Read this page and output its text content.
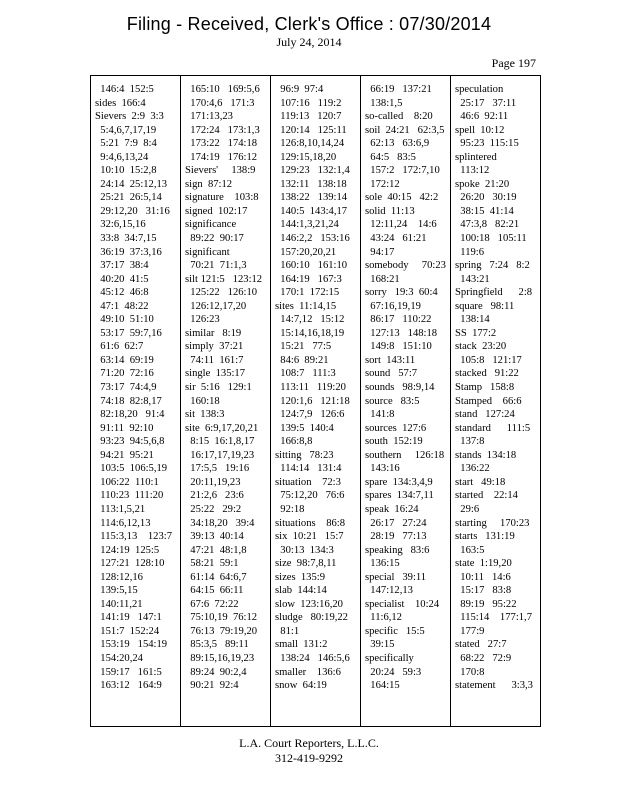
Filing - Received, Clerk's Office : 07/30/2014
July 24, 2014
Page 197
146:4  152:5
sides  166:4
Sievers  2:9  3:3
5:4,6,7,17,19
5:21  7:9  8:4
9:4,6,13,24
10:10  15:2,8
24:14  25:12,13
25:21  26:5,14
29:12,20   31:16
32:6,15,16
33:8  34:7,15
36:19  37:3,16
37:17  38:4
40:20  41:5
45:12  46:8
47:1  48:22
49:10  51:10
53:17  59:7,16
61:6  62:7
63:14  69:19
71:20  72:16
73:17  74:4,9
74:18  82:8,17
82:18,20   91:4
91:11  92:10
93:23  94:5,6,8
94:21  95:21
103:5  106:5,19
106:22  110:1
110:23  111:20
113:1,5,21
114:6,12,13
115:3,13    123:7
124:19  125:5
127:21  128:10
128:12,16
139:5,15
140:11,21
141:19   147:1
151:7  152:24
153:19   154:19
154:20,24
159:17   161:5
163:12   164:9
165:10   169:5,6
170:4,6   171:3
171:13,23
172:24   173:1,3
173:22   174:18
174:19   176:12
Sievers'     138:9
sign  87:12
signature    103:8
signed  102:17
significance
89:22  90:17
significant
70:21  71:1,3
silt 121:5   123:12
125:22   126:10
126:12,17,20
126:23
similar   8:19
simply  37:21
74:11  161:7
single  135:17
sir  5:16   129:1
160:18
sit  138:3
site  6:9,17,20,21
8:15  16:1,8,17
16:17,17,19,23
17:5,5   19:16
20:11,19,23
21:2,6   23:6
25:22   29:2
34:18,20   39:4
39:13  40:14
47:21  48:1,8
58:21  59:1
61:14  64:6,7
64:15  66:11
67:6  72:22
75:10,19  76:12
76:13  79:19,20
85:3,5   89:11
89:15,16,19,23
89:24  90:2,4
90:21  92:4
96:9  97:4
107:16   119:2
119:13   120:7
120:14   125:11
126:8,10,14,24
129:15,18,20
129:23   132:1,4
132:11   138:18
138:22   139:14
140:5  143:4,17
144:1,3,21,24
146:2,2   153:16
157:20,20,21
160:10   161:10
164:19   167:3
170:1  172:15
sites  11:14,15
14:7,12   15:12
15:14,16,18,19
15:21   77:5
84:6  89:21
108:7   111:3
113:11   119:20
120:1,6   121:18
124:7,9   126:6
139:5  140:4
166:8,8
sitting   78:23
114:14   131:4
situation    72:3
75:12,20   76:6
92:18
situations    86:8
six  10:21   15:7
30:13  134:3
size  98:7,8,11
sizes  135:9
slab  144:14
slow  123:16,20
sludge   80:19,22
81:1
small  131:2
138:24   146:5,6
smaller    136:6
snow  64:19
66:19   137:21
138:1,5
so-called    8:20
soil  24:21   62:3,5
62:13   63:6,9
64:5   83:5
157:2   172:7,10
172:12
sole  40:15   42:2
solid  11:13
12:11,24    14:6
43:24   61:21
94:17
somebody     70:23
168:21
sorry   19:3  60:4
67:16,19,19
86:17   110:22
127:13   148:18
149:8   151:10
sort  143:11
sound   57:7
sounds   98:9,14
source   83:5
141:8
sources  127:6
south  152:19
southern     126:18
143:16
spare  134:3,4,9
spares  134:7,11
speak  16:24
26:17   27:24
28:19   77:13
speaking   83:6
136:15
special   39:11
147:12,13
specialist    10:24
11:6,12
specific   15:5
39:15
specifically
20:24   59:3
164:15
speculation
25:17   37:11
46:6  92:11
spell  10:12
95:23  115:15
splintered
113:12
spoke  21:20
26:20   30:19
38:15  41:14
47:3,8   82:21
100:18   105:11
119:6
spring   7:24   8:2
143:21
Springfield      2:8
square   98:11
138:14
SS  177:2
stack  23:20
105:8   121:17
stacked   91:22
Stamp   158:8
Stamped    66:6
stand   127:24
standard      111:5
137:8
stands  134:18
136:22
start   49:18
started    22:14
29:6
starting     170:23
starts   131:19
163:5
state  1:19,20
10:11   14:6
15:17   83:8
89:19   95:22
115:14    177:1,7
177:9
stated   27:7
68:22   72:9
170:8
statement      3:3,3
L.A. Court Reporters, L.L.C.
312-419-9292
